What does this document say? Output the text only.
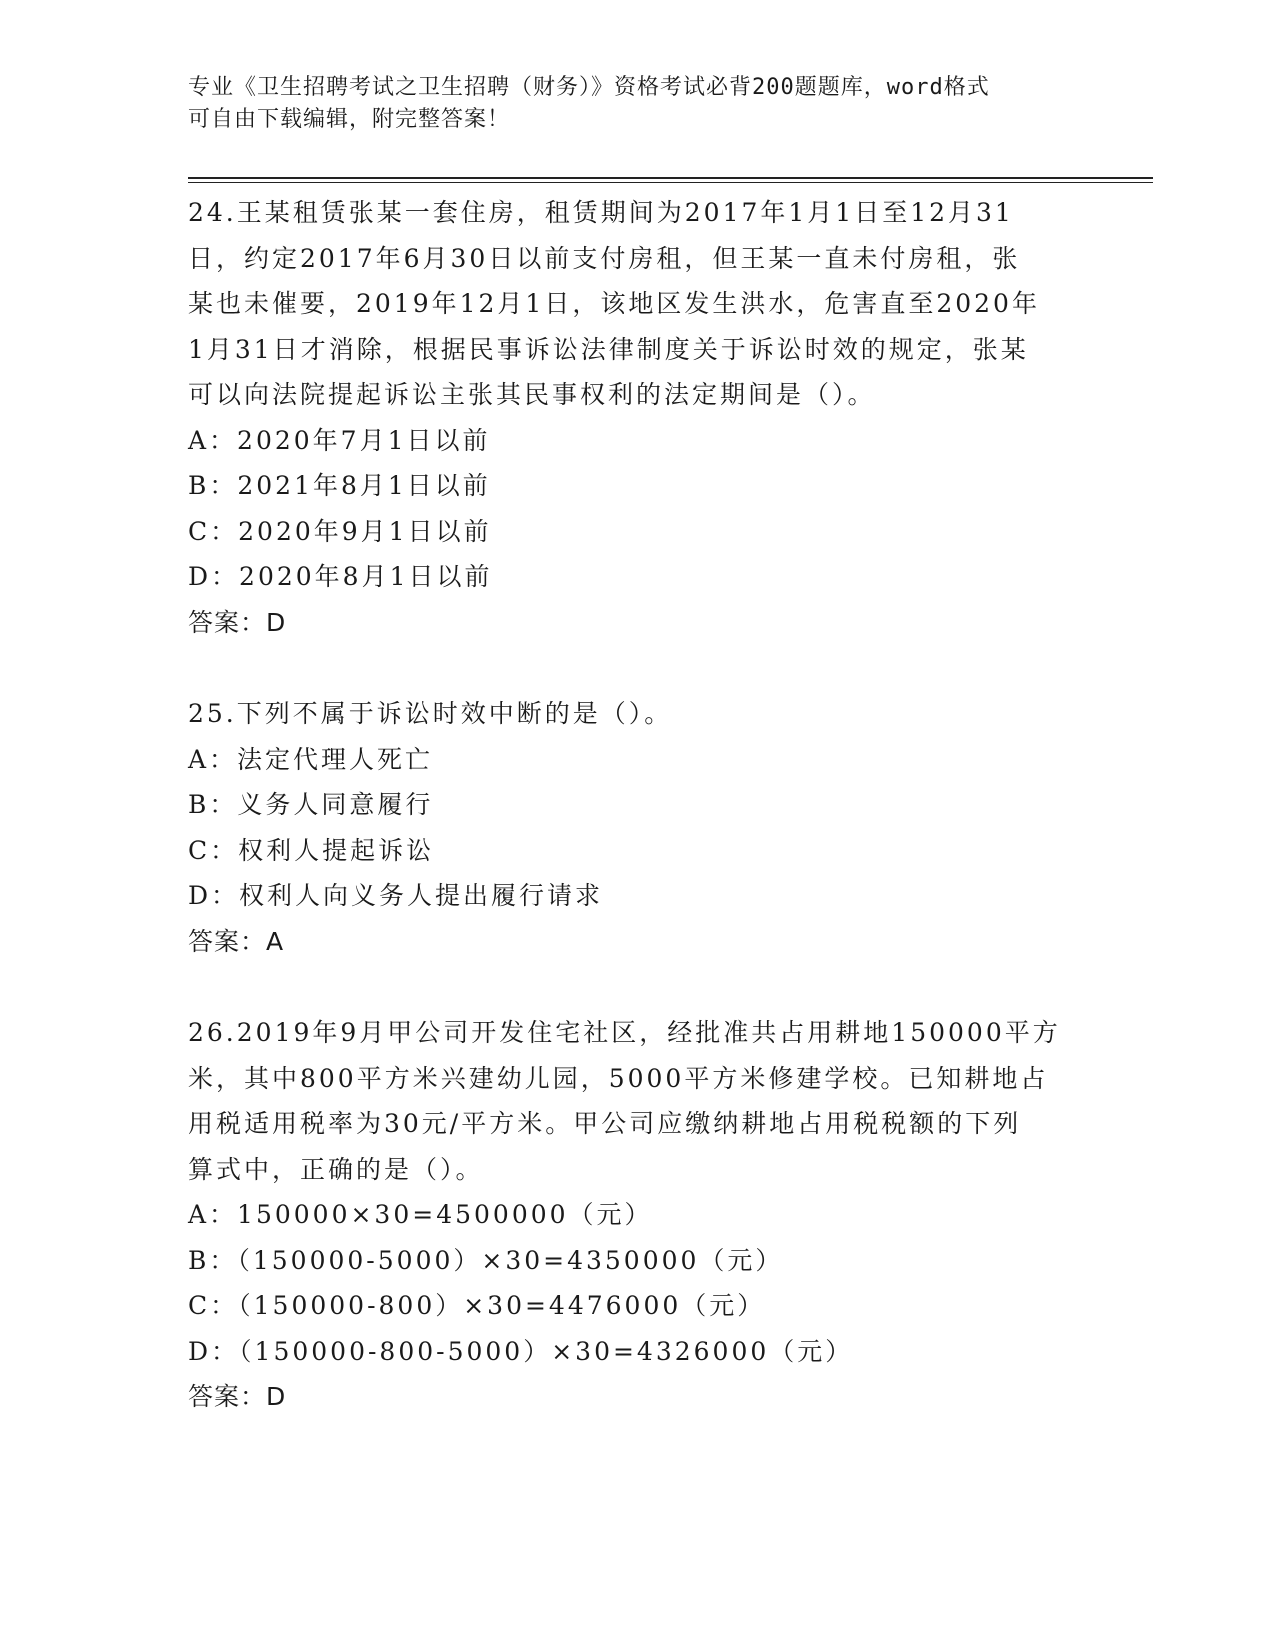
专业《卫生招聘考试之卫生招聘（财务）》资格考试必背200题题库，word格式
可自由下载编辑，附完整答案！
24.王某租赁张某一套住房，租赁期间为2017年1月1日至12月31
日，约定2017年6月30日以前支付房租，但王某一直未付房租，张
某也未催要，2019年12月1日，该地区发生洪水，危害直至2020年
1月31日才消除，根据民事诉讼法律制度关于诉讼时效的规定，张某
可以向法院提起诉讼主张其民事权利的法定期间是（）。
A：2020年7月1日以前
B：2021年8月1日以前
C：2020年9月1日以前
D：2020年8月1日以前
答案：D
25.下列不属于诉讼时效中断的是（）。
A：法定代理人死亡
B：义务人同意履行
C：权利人提起诉讼
D：权利人向义务人提出履行请求
答案：A
26.2019年9月甲公司开发住宅社区，经批准共占用耕地150000平方
米，其中800平方米兴建幼儿园，5000平方米修建学校。已知耕地占
用税适用税率为30元/平方米。甲公司应缴纳耕地占用税税额的下列
算式中，正确的是（）。
A：150000×30=4500000（元）
B：（150000-5000）×30=4350000（元）
C：（150000-800）×30=4476000（元）
D：（150000-800-5000）×30=4326000（元）
答案：D
